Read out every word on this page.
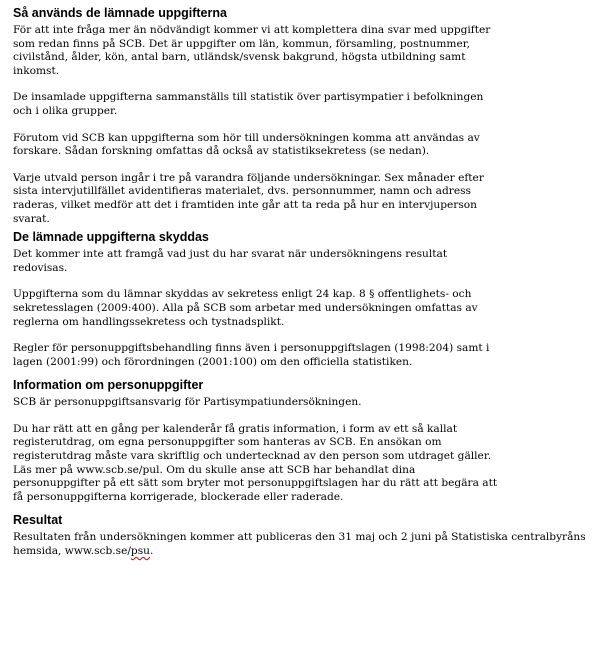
Så används de lämnade uppgifterna

För att inte fråga mer än nödvändigt kommer vi att komplettera dina svar med uppgifter
som redan finns på SCB. Det är uppgifter om län, kommun, församling, postnummer,
civilstånd, ålder, kön, antal barn, utländsk/svensk bakgrund, högsta utbildning samt
inkomst.

De insamlade uppgifterna sammanställs till statistik över partisympatier i befolkningen
och i olika grupper.

Förutom vid SCB kan uppgifterna som hör till undersökningen komma att användas av
forskare. Sådan forskning omfattas då också av statistiksekretess (se nedan).

Varje utvald person ingår i tre på varandra följande undersökningar. Sex månader efter
sista intervjutillfället avidentifieras materialet, dvs. personnummer, namn och adress
raderas, vilket medför att det i framtiden inte går att ta reda på hur en intervjuperson
svarat.

De lämnade uppgifterna skyddas

Det kommer inte att framgå vad just du har svarat när undersökningens resultat
redovisas.

Uppgifterna som du lämnar skyddas av sekretess enligt 24 kap. 8 § offentlighets- och
sekretesslagen (2009:400). Alla på SCB som arbetar med undersökningen omfattas av
reglerna om handlingssekretess och tystnadsplikt.

Regler för personuppgiftsbehandling finns även i personuppgiftslagen (1998:204) samt i
lagen (2001:99) och förordningen (2001:100) om den officiella statistiken.

Information om personuppgifter

SCB är personuppgiftsansvarig för Partisympatiundersökningen.

Du har rätt att en gång per kalenderår få gratis information, i form av ett så kallat
registerutdrag, om egna personuppgifter som hanteras av SCB. En ansökan om
registerutdrag måste vara skriftlig och undertecknad av den person som utdraget gäller.
Läs mer på www.scb.se/pul. Om du skulle anse att SCB har behandlat dina
personuppgifter på ett sätt som bryter mot personuppgiftslagen har du rätt att begära att
få personuppgifterna korrigerade, blockerade eller raderade.

Resultat

Resultaten från undersökningen kommer att publiceras den 31 maj och 2 juni på Statistiska centralbyråns
hemsida, www.scb.se/psu.
